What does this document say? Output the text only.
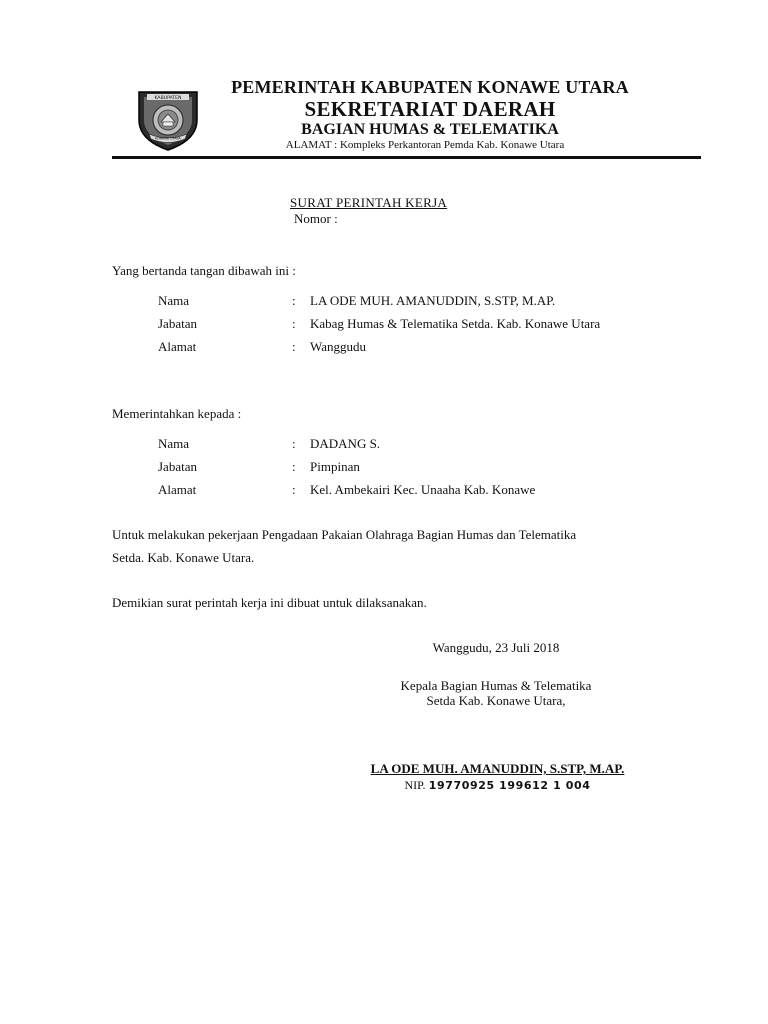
KABUPATEN
KONAWE UTARA
PEMERINTAH KABUPATEN KONAWE UTARA
SEKRETARIAT DAERAH
BAGIAN HUMAS & TELEMATIKA
ALAMAT : Kompleks Perkantoran Pemda Kab. Konawe Utara
SURAT PERINTAH KERJA
Nomor :
Yang bertanda tangan dibawah ini :
Nama	: LA ODE MUH. AMANUDDIN, S.STP, M.AP.
Jabatan	: Kabag Humas & Telematika Setda. Kab. Konawe Utara
Alamat	: Wanggudu
Memerintahkan kepada :
Nama	: DADANG S.
Jabatan	: Pimpinan
Alamat	: Kel. Ambekairi Kec. Unaaha Kab. Konawe
Untuk melakukan pekerjaan Pengadaan Pakaian Olahraga Bagian Humas dan Telematika
Setda. Kab. Konawe Utara.
Demikian surat perintah kerja ini dibuat untuk dilaksanakan.
Wanggudu, 23 Juli 2018
Kepala Bagian Humas & Telematika
Setda Kab. Konawe Utara,
LA ODE MUH. AMANUDDIN, S.STP, M.AP.
NIP. 19770925 199612 1 004
